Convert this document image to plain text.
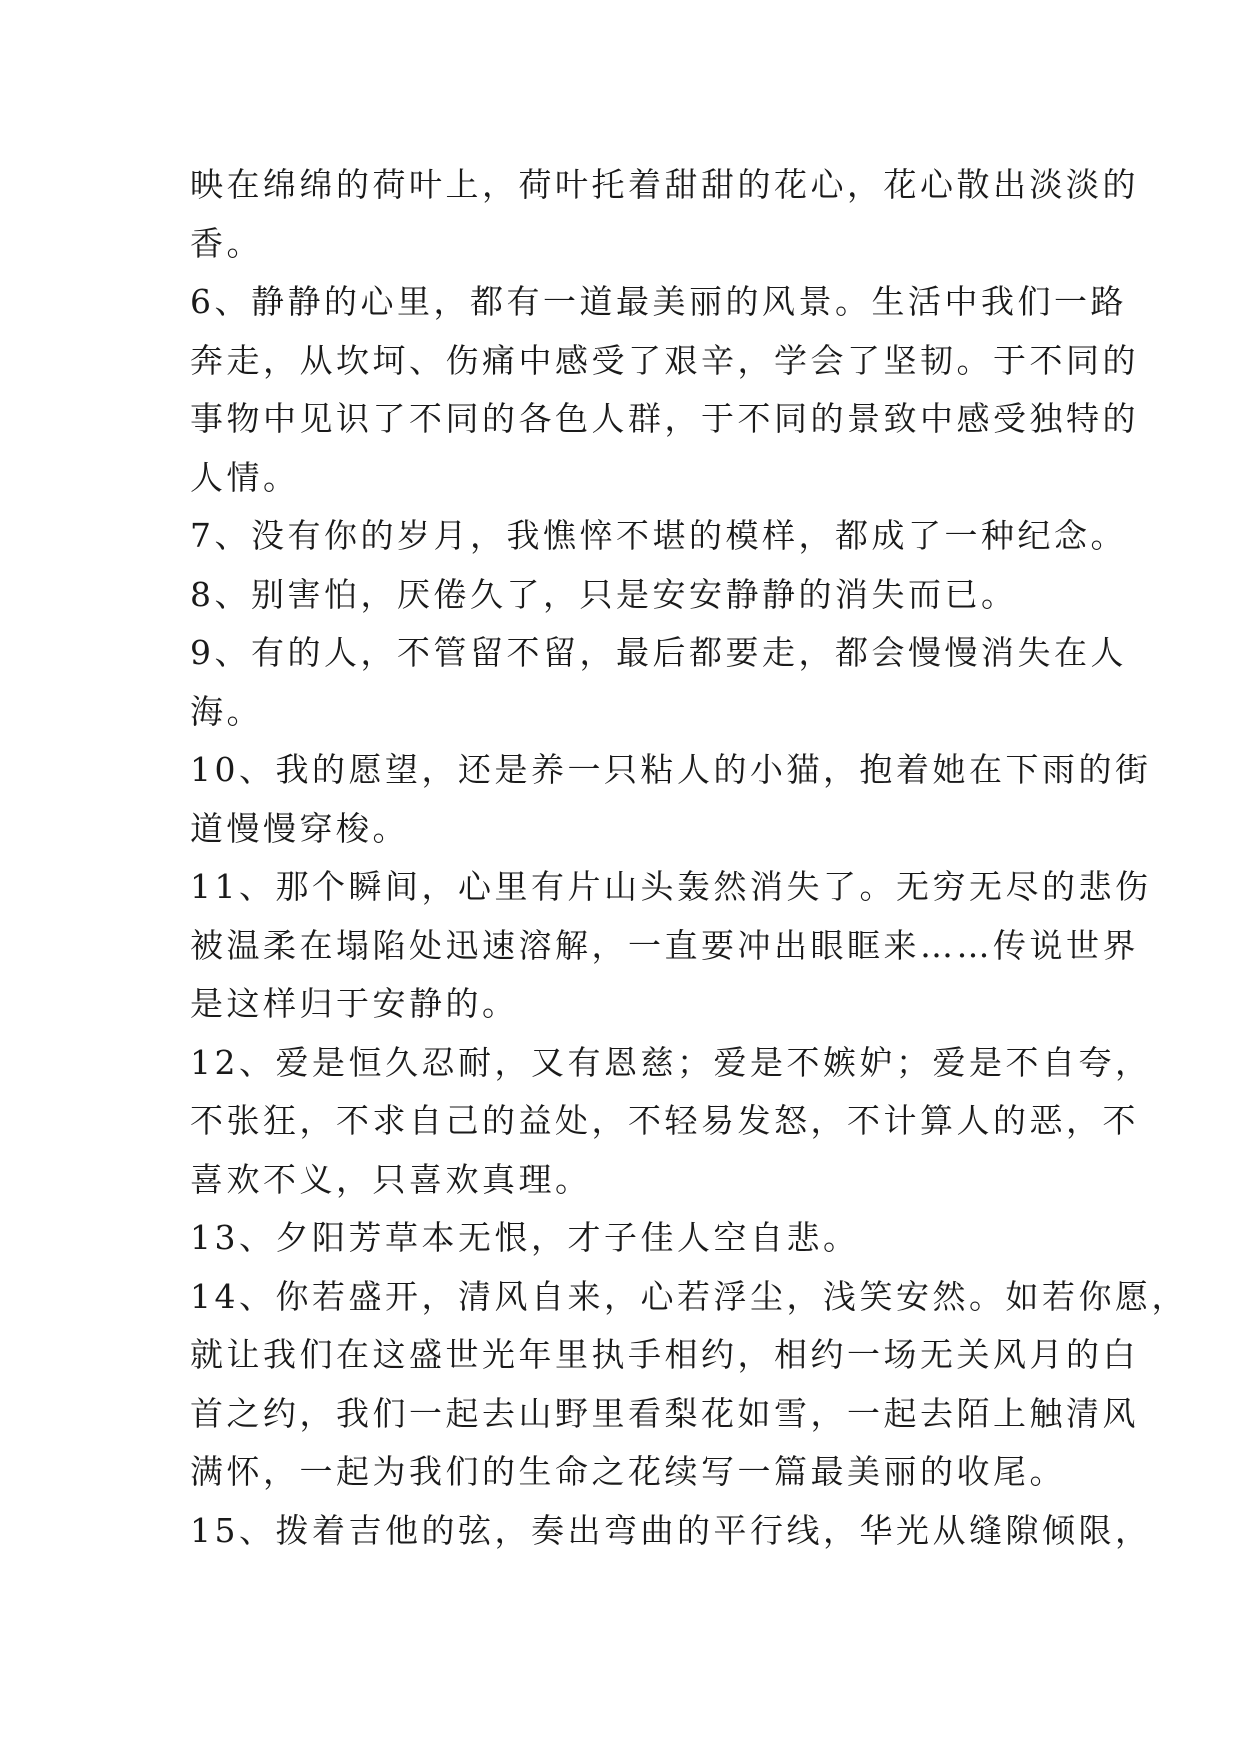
映在绵绵的荷叶上，荷叶托着甜甜的花心，花心散出淡淡的
香。
6、静静的心里，都有一道最美丽的风景。生活中我们一路
奔走，从坎坷、伤痛中感受了艰辛，学会了坚韧。于不同的
事物中见识了不同的各色人群，于不同的景致中感受独特的
人情。
7、没有你的岁月，我憔悴不堪的模样，都成了一种纪念。
8、别害怕，厌倦久了，只是安安静静的消失而已。
9、有的人，不管留不留，最后都要走，都会慢慢消失在人
海。
10、我的愿望，还是养一只粘人的小猫，抱着她在下雨的街
道慢慢穿梭。
11、那个瞬间，心里有片山头轰然消失了。无穷无尽的悲伤
被温柔在塌陷处迅速溶解，一直要冲出眼眶来……传说世界
是这样归于安静的。
12、爱是恒久忍耐，又有恩慈；爱是不嫉妒；爱是不自夸，
不张狂，不求自己的益处，不轻易发怒，不计算人的恶，不
喜欢不义，只喜欢真理。
13、夕阳芳草本无恨，才子佳人空自悲。
14、你若盛开，清风自来，心若浮尘，浅笑安然。如若你愿，
就让我们在这盛世光年里执手相约，相约一场无关风月的白
首之约，我们一起去山野里看梨花如雪，一起去陌上触清风
满怀，一起为我们的生命之花续写一篇最美丽的收尾。
15、拨着吉他的弦，奏出弯曲的平行线，华光从缝隙倾限，
